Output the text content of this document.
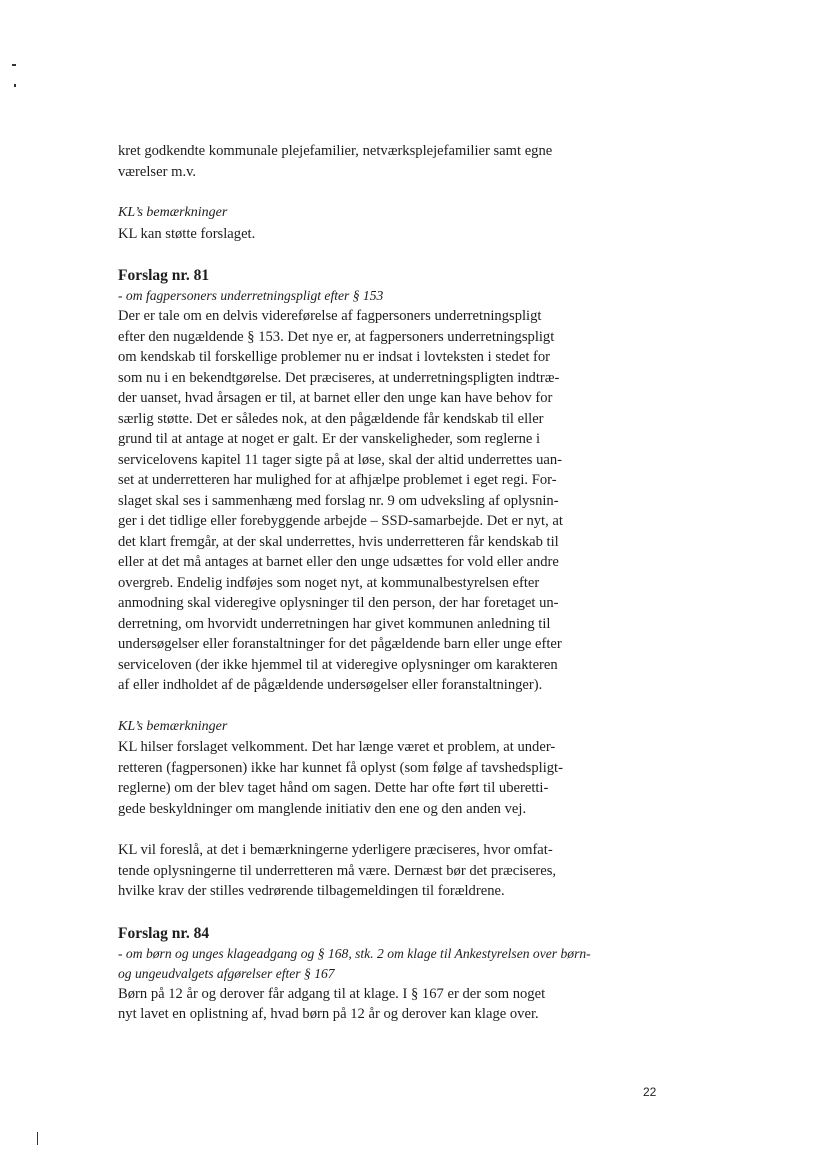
kret godkendte kommunale plejefamilier, netværksplejefamilier samt egne

værelser m.v.

KL’s bemærkninger

KL kan støtte forslaget.

Forslag nr. 81

- om fagpersoners underretningspligt efter § 153

Der er tale om en delvis videreførelse af fagpersoners underretningspligt

efter den nugældende § 153. Det nye er, at fagpersoners underretningspligt

om kendskab til forskellige problemer nu er indsat i lovteksten i stedet for

som nu i en bekendtgørelse. Det præciseres, at underretningspligten indtræ-

der uanset, hvad årsagen er til, at barnet eller den unge kan have behov for

særlig støtte. Det er således nok, at den pågældende får kendskab til eller

grund til at antage at noget er galt. Er der vanskeligheder, som reglerne i

servicelovens kapitel 11 tager sigte på at løse, skal der altid underrettes uan-

set at underretteren har mulighed for at afhjælpe problemet i eget regi. For-

slaget skal ses i sammenhæng med forslag nr. 9 om udveksling af oplysnin-

ger i det tidlige eller forebyggende arbejde – SSD-samarbejde. Det er nyt, at

det klart fremgår, at der skal underrettes, hvis underretteren får kendskab til

eller at det må antages at barnet eller den unge udsættes for vold eller andre

overgreb. Endelig indføjes som noget nyt, at kommunalbestyrelsen efter

anmodning skal videregive oplysninger til den person, der har foretaget un-

derretning, om hvorvidt underretningen har givet kommunen anledning til

undersøgelser eller foranstaltninger for det pågældende barn eller unge efter

serviceloven (der ikke hjemmel til at videregive oplysninger om karakteren

af eller indholdet af de pågældende undersøgelser eller foranstaltninger).

KL’s bemærkninger

KL hilser forslaget velkomment. Det har længe været et problem, at under-

retteren (fagpersonen) ikke har kunnet få oplyst (som følge af tavshedspligt-

reglerne) om der blev taget hånd om sagen. Dette har ofte ført til uberetti-

gede beskyldninger om manglende initiativ den ene og den anden vej.

KL vil foreslå, at det i bemærkningerne yderligere præciseres, hvor omfat-

tende oplysningerne til underretteren må være. Dernæst bør det præciseres,

hvilke krav der stilles vedrørende tilbagemeldingen til forældrene.

Forslag nr. 84

- om børn og unges klageadgang og § 168, stk. 2 om klage til Ankestyrelsen over børn-

og ungeudvalgets afgørelser efter § 167

Børn på 12 år og derover får adgang til at klage. I § 167 er der som noget

nyt lavet en oplistning af, hvad børn på 12 år og derover kan klage over.

22
